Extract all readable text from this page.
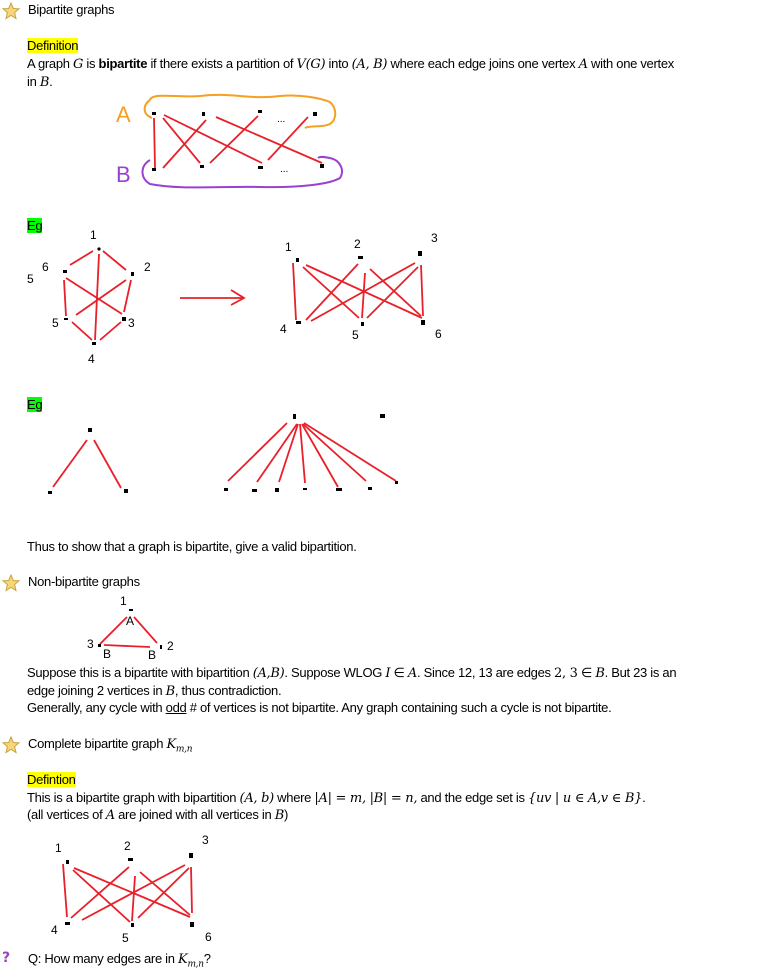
Bipartite graphs
Definition
A graph G is bipartite if there exists a partition of V(G) into (A, B) where each edge joins one vertex A with one vertex
in B.
A
B
...
...
Eg
1
2
3
4
5
6
5
1	2	3
4	5	6
Eg
Thus to show that a graph is bipartite, give a valid bipartition.
Non-bipartite graphs
1
2
3
A
B	B
Suppose this is a bipartite with bipartition (A,B). Suppose WLOG I ∈ A. Since 12, 13 are edges 2, 3 ∈ B. But 23 is an
edge joining 2 vertices in B, thus contradiction.
Generally, any cycle with odd # of vertices is not bipartite. Any graph containing such a cycle is not bipartite.
Complete bipartite graph $K_{m,n}$
Defintion
This is a bipartite graph with bipartition (A, b) where |A| = m, |B| = n, and the edge set is {uv | u ∈ A,v ∈ B}.
(all vertices of A are joined with all vertices in B)
1	2	3
4
5	6
? Q: How many edges are in $K_{m,n}$?
